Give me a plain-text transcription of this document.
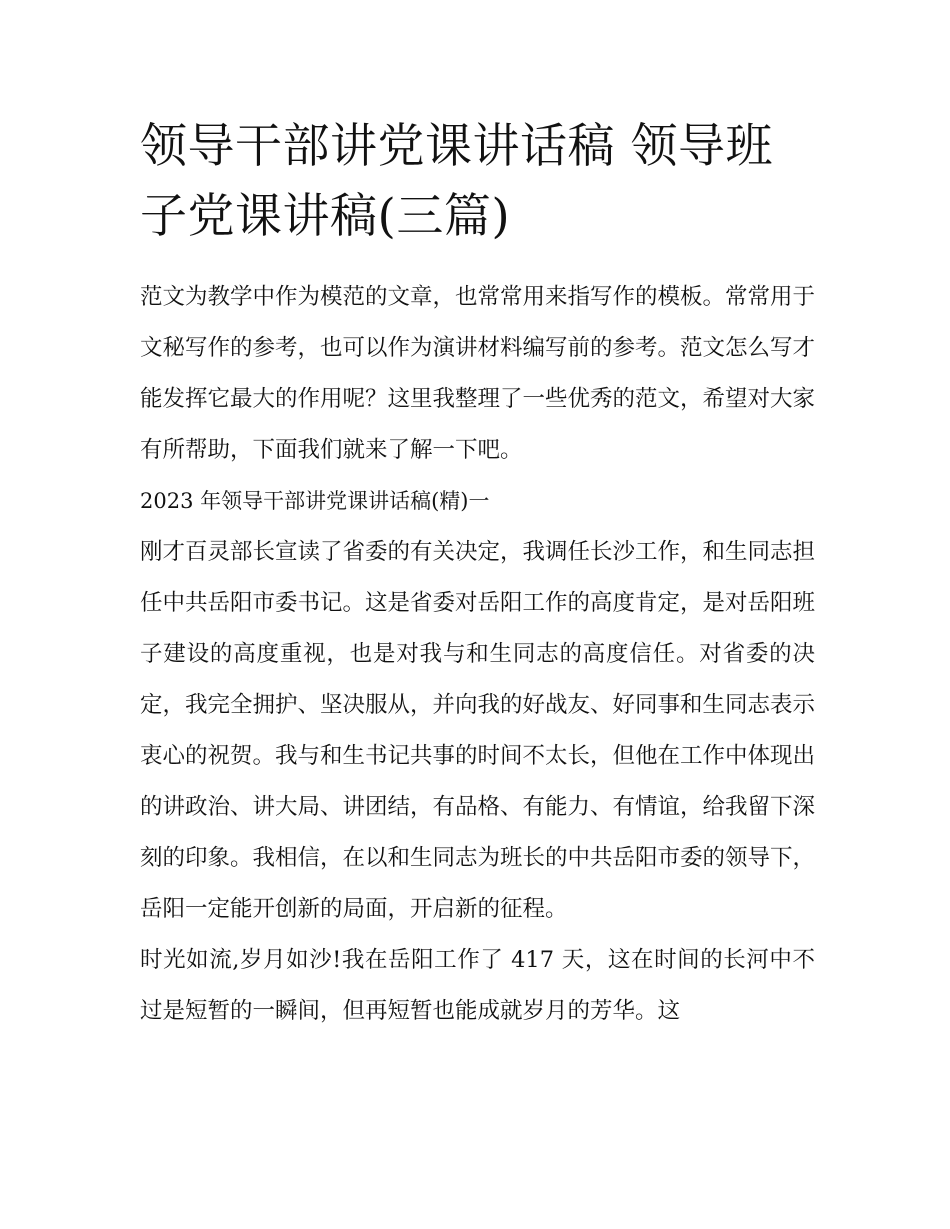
领导干部讲党课讲话稿 领导班
子党课讲稿(三篇)

范文为教学中作为模范的文章，也常常用来指写作的模板。常常用于文秘写作的参考，也可以作为演讲材料编写前的参考。范文怎么写才能发挥它最大的作用呢？这里我整理了一些优秀的范文，希望对大家有所帮助，下面我们就来了解一下吧。

2023 年领导干部讲党课讲话稿(精)一

刚才百灵部长宣读了省委的有关决定，我调任长沙工作，和生同志担任中共岳阳市委书记。这是省委对岳阳工作的高度肯定，是对岳阳班子建设的高度重视，也是对我与和生同志的高度信任。对省委的决定，我完全拥护、坚决服从，并向我的好战友、好同事和生同志表示衷心的祝贺。我与和生书记共事的时间不太长，但他在工作中体现出的讲政治、讲大局、讲团结，有品格、有能力、有情谊，给我留下深刻的印象。我相信，在以和生同志为班长的中共岳阳市委的领导下，岳阳一定能开创新的局面，开启新的征程。

时光如流,岁月如沙!我在岳阳工作了 417 天，这在时间的长河中不过是短暂的一瞬间，但再短暂也能成就岁月的芳华。这
